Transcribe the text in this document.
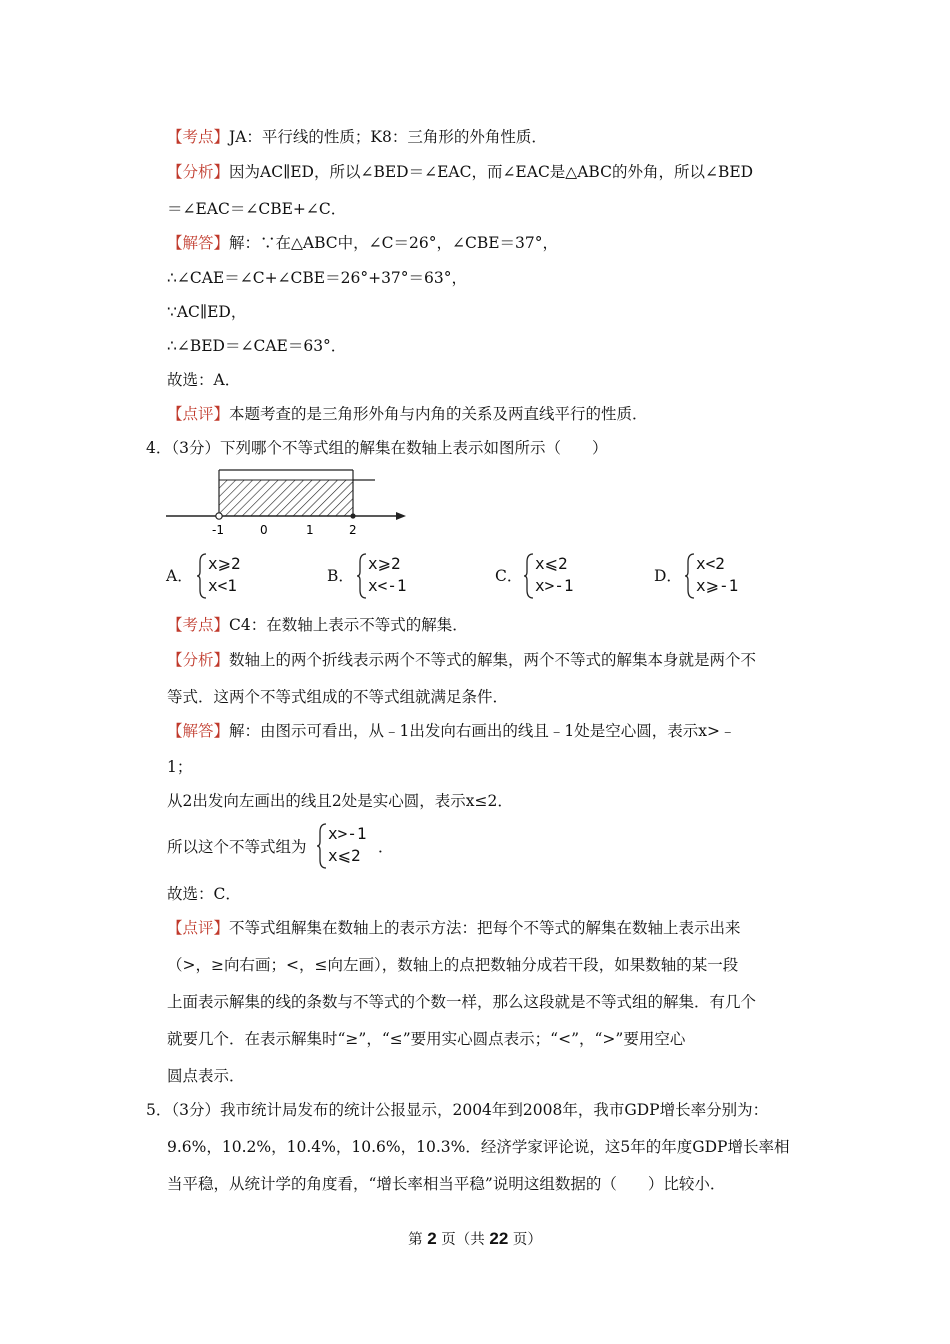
【考点】JA：平行线的性质；K8：三角形的外角性质．
【分析】因为AC∥ED，所以∠BED＝∠EAC，而∠EAC是△ABC的外角，所以∠BED
＝∠EAC＝∠CBE+∠C．
【解答】解：∵在△ABC中，∠C＝26°，∠CBE＝37°，
∴∠CAE＝∠C+∠CBE＝26°+37°＝63°，
∵AC∥ED，
∴∠BED＝∠CAE＝63°．
故选：A．
【点评】本题考查的是三角形外角与内角的关系及两直线平行的性质．
4．（3分）下列哪个不等式组的解集在数轴上表示如图所示（　　）
-1	0	1	2
A．
x⩾2
x<1	B．
x⩾2
x<-1	C．
x⩽2
x>-1	D．
x<2
x⩾-1
【考点】C4：在数轴上表示不等式的解集．
【分析】数轴上的两个折线表示两个不等式的解集，两个不等式的解集本身就是两个不
等式．这两个不等式组成的不等式组就满足条件．
【解答】解：由图示可看出，从﹣1出发向右画出的线且﹣1处是空心圆，表示x>﹣
1；
从2出发向左画出的线且2处是实心圆，表示x≤2．
所以这个不等式组为
x>-1
x⩽2	．
故选：C．
【点评】不等式组解集在数轴上的表示方法：把每个不等式的解集在数轴上表示出来
（>，≥向右画；<，≤向左画），数轴上的点把数轴分成若干段，如果数轴的某一段
上面表示解集的线的条数与不等式的个数一样，那么这段就是不等式组的解集．有几个
就要几个．在表示解集时“≥”，“≤”要用实心圆点表示；“<”，“>”要用空心
圆点表示．
5．（3分）我市统计局发布的统计公报显示，2004年到2008年，我市GDP增长率分别为：
9.6%，10.2%，10.4%，10.6%，10.3%．经济学家评论说，这5年的年度GDP增长率相
当平稳，从统计学的角度看，“增长率相当平稳”说明这组数据的（　　）比较小．
第 2 页（共 22 页）
